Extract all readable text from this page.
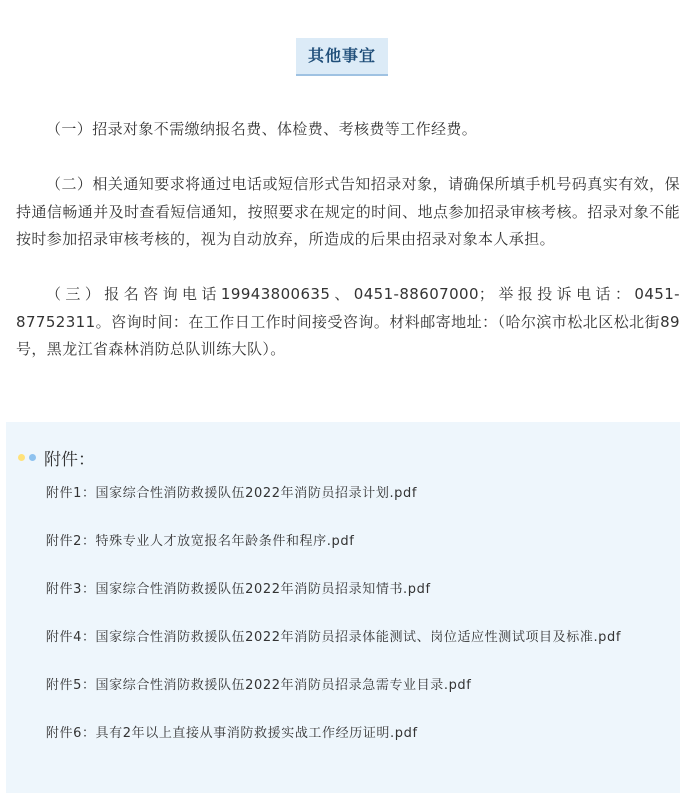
其他事宜

（一）招录对象不需缴纳报名费、体检费、考核费等工作经费。

（二）相关通知要求将通过电话或短信形式告知招录对象，请确保所填手机号码真实有效，保持通信畅通并及时查看短信通知，按照要求在规定的时间、地点参加招录审核考核。招录对象不能按时参加招录审核考核的，视为自动放弃，所造成的后果由招录对象本人承担。

（三）报名咨询电话19943800635、0451-88607000；举报投诉电话：0451-87752311。咨询时间：在工作日工作时间接受咨询。材料邮寄地址：（哈尔滨市松北区松北街89号，黑龙江省森林消防总队训练大队）。

附件：
附件1：国家综合性消防救援队伍2022年消防员招录计划.pdf
附件2：特殊专业人才放宽报名年龄条件和程序.pdf
附件3：国家综合性消防救援队伍2022年消防员招录知情书.pdf
附件4：国家综合性消防救援队伍2022年消防员招录体能测试、岗位适应性测试项目及标准.pdf
附件5：国家综合性消防救援队伍2022年消防员招录急需专业目录.pdf
附件6：具有2年以上直接从事消防救援实战工作经历证明.pdf
